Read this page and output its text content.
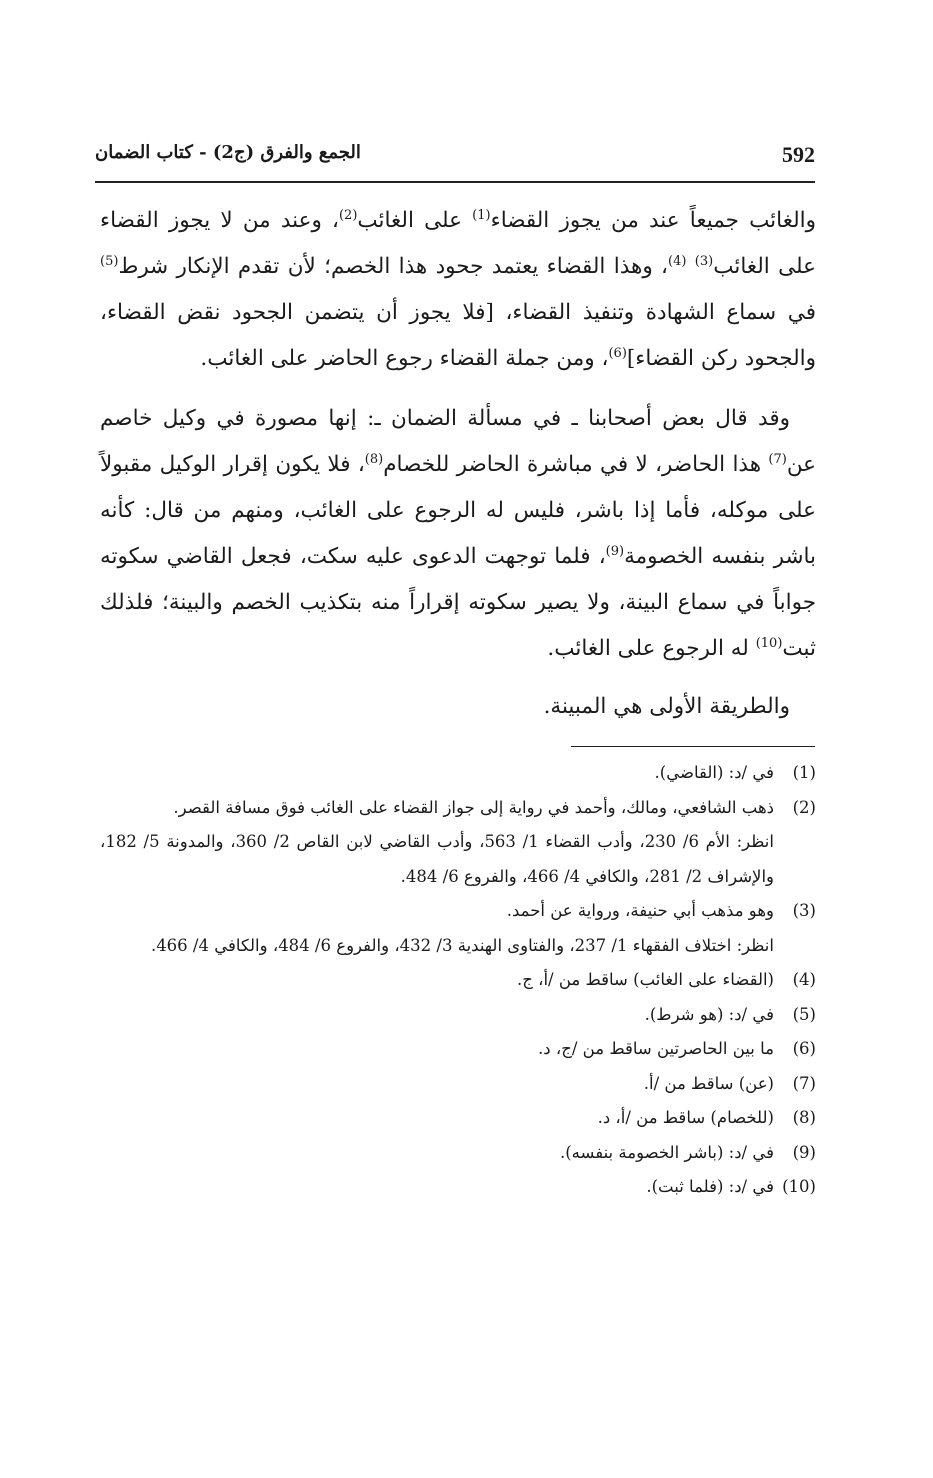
592
الجمع والفرق (ج2) - كتاب الضمان

والغائب جميعاً عند من يجوز القضاء$^{(1)}$ على الغائب$^{(2)}$، وعند من لا يجوز القضاء على الغائب$^{(3)}$ $^{(4)}$، وهذا القضاء يعتمد جحود هذا الخصم؛ لأن تقدم الإنكار شرط$^{(5)}$ في سماع الشهادة وتنفيذ القضاء، [فلا يجوز أن يتضمن الجحود نقض القضاء، والجحود ركن القضاء]$^{(6)}$، ومن جملة القضاء رجوع الحاضر على الغائب.

وقد قال بعض أصحابنا ـ في مسألة الضمان ـ: إنها مصورة في وكيل خاصم عن$^{(7)}$ هذا الحاضر، لا في مباشرة الحاضر للخصام$^{(8)}$، فلا يكون إقرار الوكيل مقبولاً على موكله، فأما إذا باشر، فليس له الرجوع على الغائب، ومنهم من قال: كأنه باشر بنفسه الخصومة$^{(9)}$، فلما توجهت الدعوى عليه سكت، فجعل القاضي سكوته جواباً في سماع البينة، ولا يصير سكوته إقراراً منه بتكذيب الخصم والبينة؛ فلذلك ثبت$^{(10)}$ له الرجوع على الغائب.

والطريقة الأولى هي المبينة.

(1)

في /د: (القاضي).

(2)

ذهب الشافعي، ومالك، وأحمد في رواية إلى جواز القضاء على الغائب فوق مسافة القصر.

انظر: الأم 6/ 230، وأدب القضاء 1/ 563، وأدب القاضي لابن القاص 2/ 360، والمدونة 5/ 182، والإشراف 2/ 281، والكافي 4/ 466، والفروع 6/ 484.

(3)

وهو مذهب أبي حنيفة، ورواية عن أحمد.

انظر: اختلاف الفقهاء 1/ 237، والفتاوى الهندية 3/ 432، والفروع 6/ 484، والكافي 4/ 466.

(4)

(القضاء على الغائب) ساقط من /أ، ج.

(5)

في /د: (هو شرط).

(6)

ما بين الحاصرتين ساقط من /ج، د.

(7)

(عن) ساقط من /أ.

(8)

(للخصام) ساقط من /أ، د.

(9)

في /د: (باشر الخصومة بنفسه).

(10)

في /د: (فلما ثبت).
